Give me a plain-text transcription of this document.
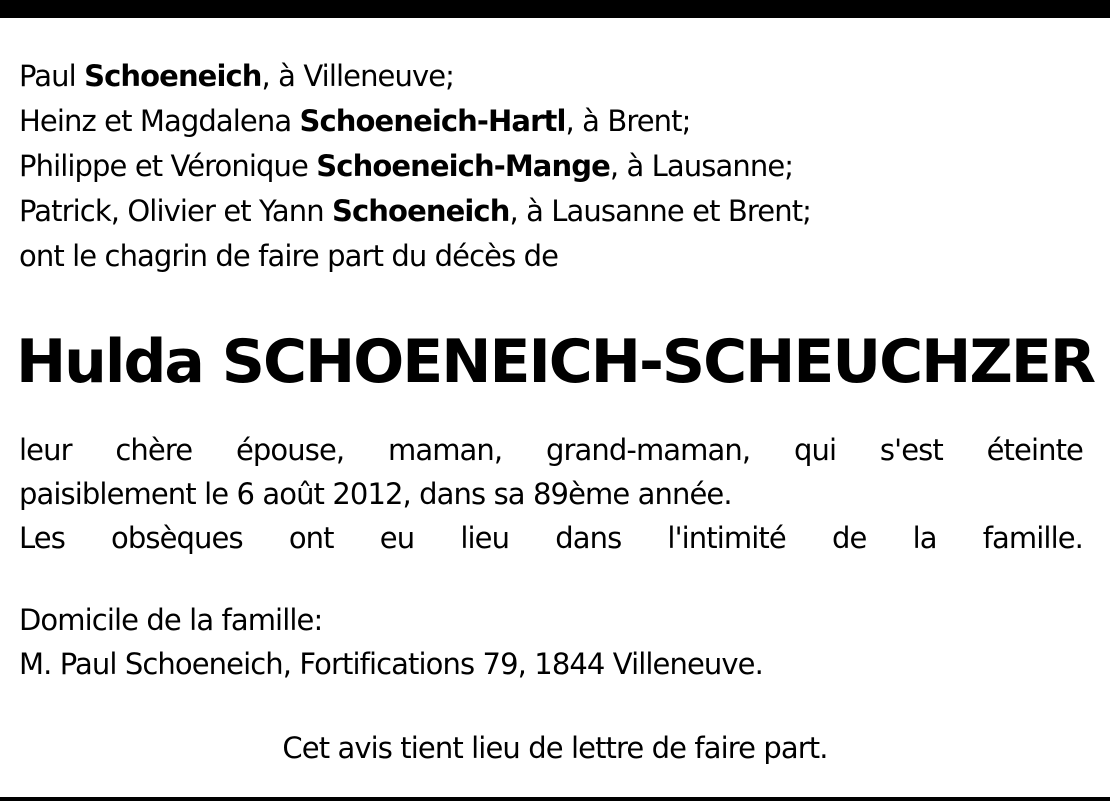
Paul Schoeneich, à Villeneuve;
Heinz et Magdalena Schoeneich-Hartl, à Brent;
Philippe et Véronique Schoeneich-Mange, à Lausanne;
Patrick, Olivier et Yann Schoeneich, à Lausanne et Brent;
ont le chagrin de faire part du décès de
Hulda SCHOENEICH-SCHEUCHZER
leur chère épouse, maman, grand-maman, qui s'est éteinte
paisiblement le 6 août 2012, dans sa 89ème année.
Les obsèques ont eu lieu dans l'intimité de la famille.
Domicile de la famille:
M. Paul Schoeneich, Fortifications 79, 1844 Villeneuve.
Cet avis tient lieu de lettre de faire part.
